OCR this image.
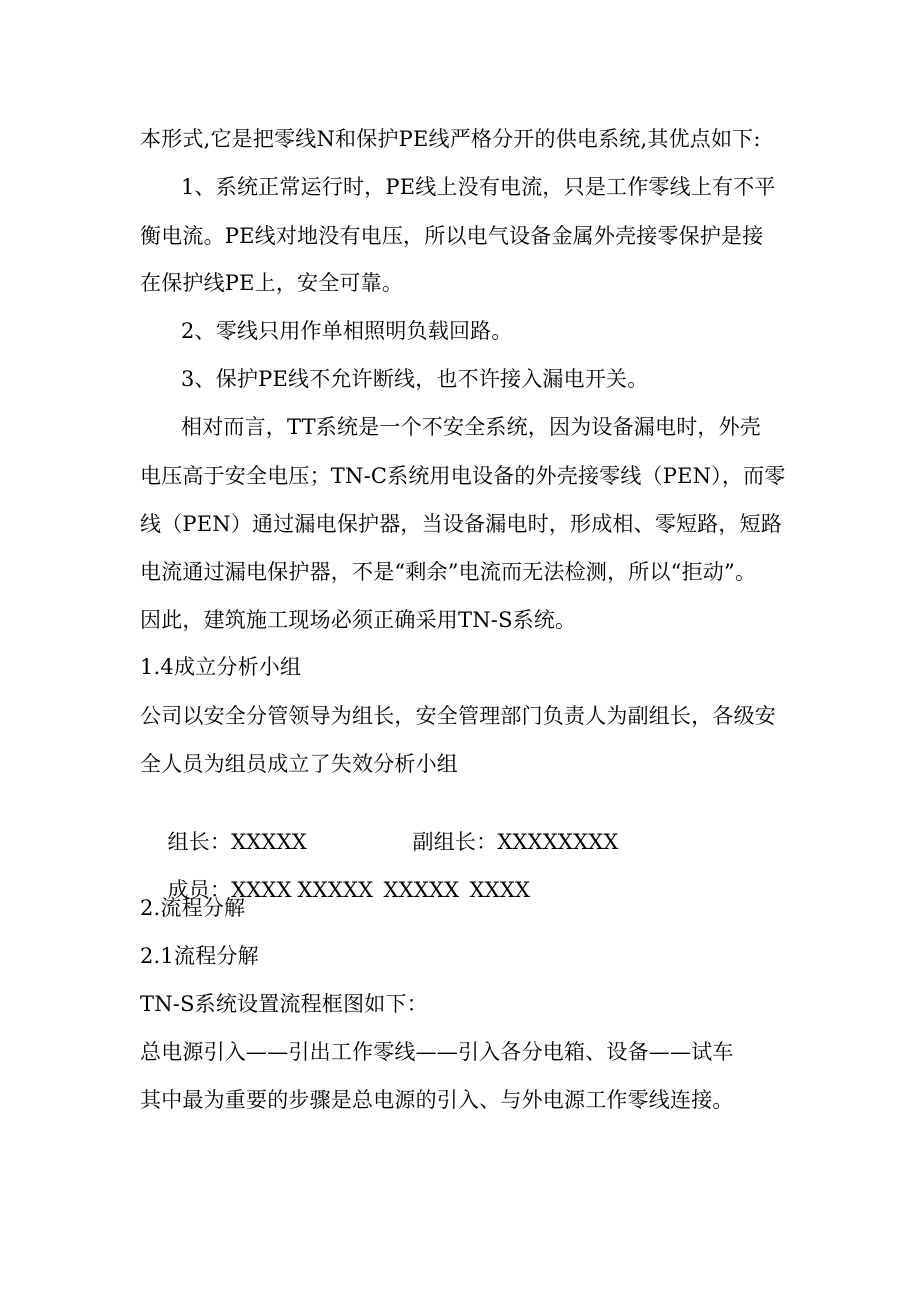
本形式,它是把零线N和保护PE线严格分开的供电系统,其优点如下:
1、系统正常运行时，PE线上没有电流，只是工作零线上有不平
衡电流。PE线对地没有电压，所以电气设备金属外壳接零保护是接
在保护线PE上，安全可靠。
2、零线只用作单相照明负载回路。
3、保护PE线不允许断线，也不许接入漏电开关。
相对而言，TT系统是一个不安全系统，因为设备漏电时，外壳
电压高于安全电压；TN-C系统用电设备的外壳接零线（PEN），而零
线（PEN）通过漏电保护器，当设备漏电时，形成相、零短路，短路
电流通过漏电保护器，不是“剩余”电流而无法检测，所以“拒动”。
因此，建筑施工现场必须正确采用TN-S系统。
1.4成立分析小组
公司以安全分管领导为组长，安全管理部门负责人为副组长，各级安
全人员为组员成立了失效分析小组

组长：XXXXX	副组长：XXXXXXXX

成员：XXXX XXXXX XXXXX XXXX

2.流程分解
2.1流程分解
TN-S系统设置流程框图如下：
总电源引入——引出工作零线——引入各分电箱、设备——试车
其中最为重要的步骤是总电源的引入、与外电源工作零线连接。
